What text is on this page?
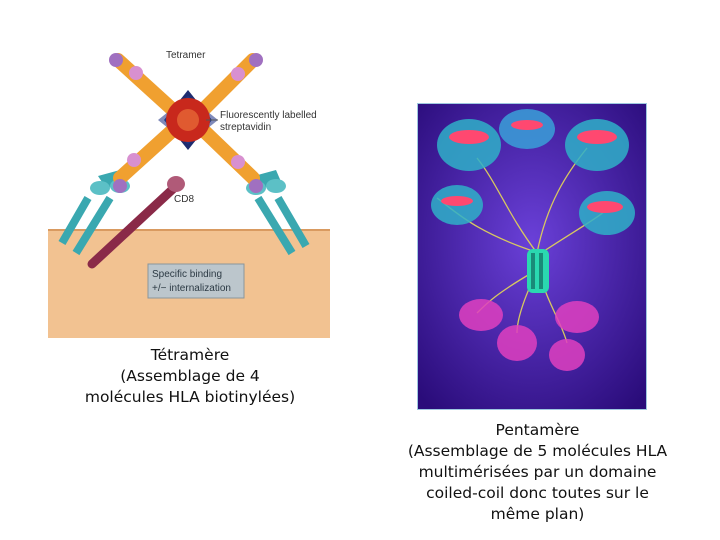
Tetramer
Fluorescently labelled
streptavidin
CD8
Specific binding
+/− internalization
Tétramère
(Assemblage de 4
molécules HLA biotinylées)
Pentamère
(Assemblage de 5 molécules HLA
multimérisées par un domaine
coiled-coil donc toutes sur le
même plan)
